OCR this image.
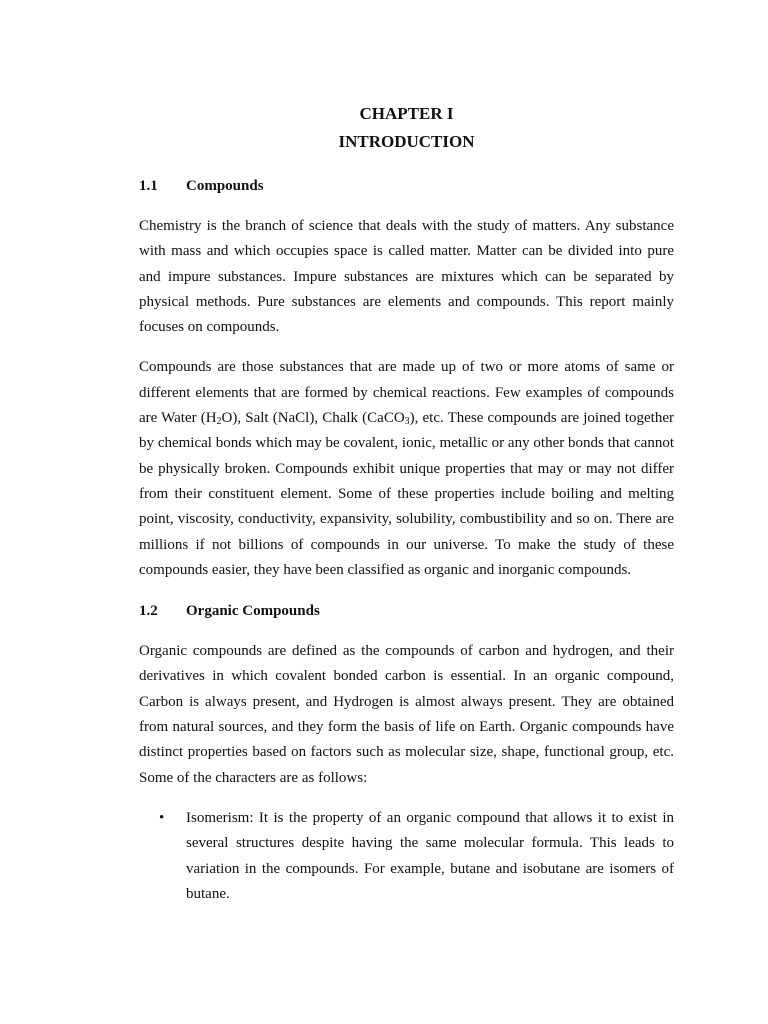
CHAPTER I
INTRODUCTION
1.1	Compounds

Chemistry is the branch of science that deals with the study of matters. Any substance with mass and which occupies space is called matter. Matter can be divided into pure and impure substances. Impure substances are mixtures which can be separated by physical methods. Pure substances are elements and compounds. This report mainly focuses on compounds.

Compounds are those substances that are made up of two or more atoms of same or different elements that are formed by chemical reactions. Few examples of compounds are Water $(H_2O)$, Salt (NaCl), Chalk (CaCO$_3$), etc. These compounds are joined together by chemical bonds which may be covalent, ionic, metallic or any other bonds that cannot be physically broken. Compounds exhibit unique properties that may or may not differ from their constituent element. Some of these properties include boiling and melting point, viscosity, conductivity, expansivity, solubility, combustibility and so on. There are millions if not billions of compounds in our universe. To make the study of these compounds easier, they have been classified as organic and inorganic compounds.

1.2	Organic Compounds

Organic compounds are defined as the compounds of carbon and hydrogen, and their derivatives in which covalent bonded carbon is essential. In an organic compound, Carbon is always present, and Hydrogen is almost always present. They are obtained from natural sources, and they form the basis of life on Earth. Organic compounds have distinct properties based on factors such as molecular size, shape, functional group, etc. Some of the characters are as follows:

• Isomerism: It is the property of an organic compound that allows it to exist in several structures despite having the same molecular formula. This leads to variation in the compounds. For example, butane and isobutane are isomers of butane.
